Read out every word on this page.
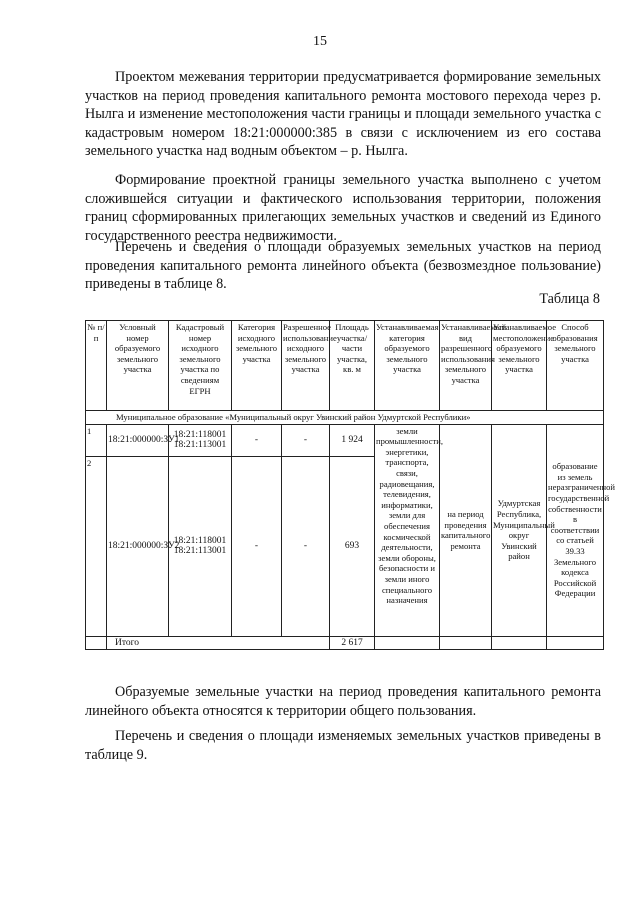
15

Проектом межевания территории предусматривается формирование земельных участков на период проведения капитального ремонта мостового перехода через р. Нылга и изменение местоположения части границы и площади земельного участка с кадастровым номером 18:21:000000:385 в связи с исключением из его состава земельного участка над водным объектом – р. Нылга.

Формирование проектной границы земельного участка выполнено с учетом сложившейся ситуации и фактического использования территории, положения границ сформированных прилегающих земельных участков и сведений из Единого государственного реестра недвижимости.

Перечень и сведения о площади образуемых земельных участков на период проведения капитального ремонта линейного объекта (безвозмездное пользование) приведены в таблице 8.

Таблица 8
№ п/п	Условный номер образуемого земельного участка	Кадастровый номер исходного земельного участка по сведениям ЕГРН	Категория исходного земельного участка	Разрешенное использование исходного земельного участка	Площадь участка/ части участка, кв. м	Устанавливаемая категория образуемого земельного участка	Устанавливаемый вид разрешенного использования земельного участка	Устанавливаемое местоположение образуемого земельного участка	Способ образования земельного участка
Муниципальное образование «Муниципальный округ Увинский район Удмуртской Республики»									
1	18:21:000000:ЗУ1	18:21:118001 18:21:113001	-	-	1 924	земли промышленности, энергетики, транспорта, связи, радиовещания, телевидения, информатики, земли для обеспечения космической деятельности, земли обороны, безопасности и земли иного специального назначения	на период проведения капитального ремонта	Удмуртская Республика, Муниципальный округ Увинский район	образование из земель неразграниченной государственной собственности в соответствии со статьей 39.33 Земельного кодекса Российской Федерации
2	18:21:000000:ЗУ2	18:21:118001 18:21:113001	-	-	693				
	Итого				2 617				

Образуемые земельные участки на период проведения капитального ремонта линейного объекта относятся к территории общего пользования.

Перечень и сведения о площади изменяемых земельных участков приведены в таблице 9.
